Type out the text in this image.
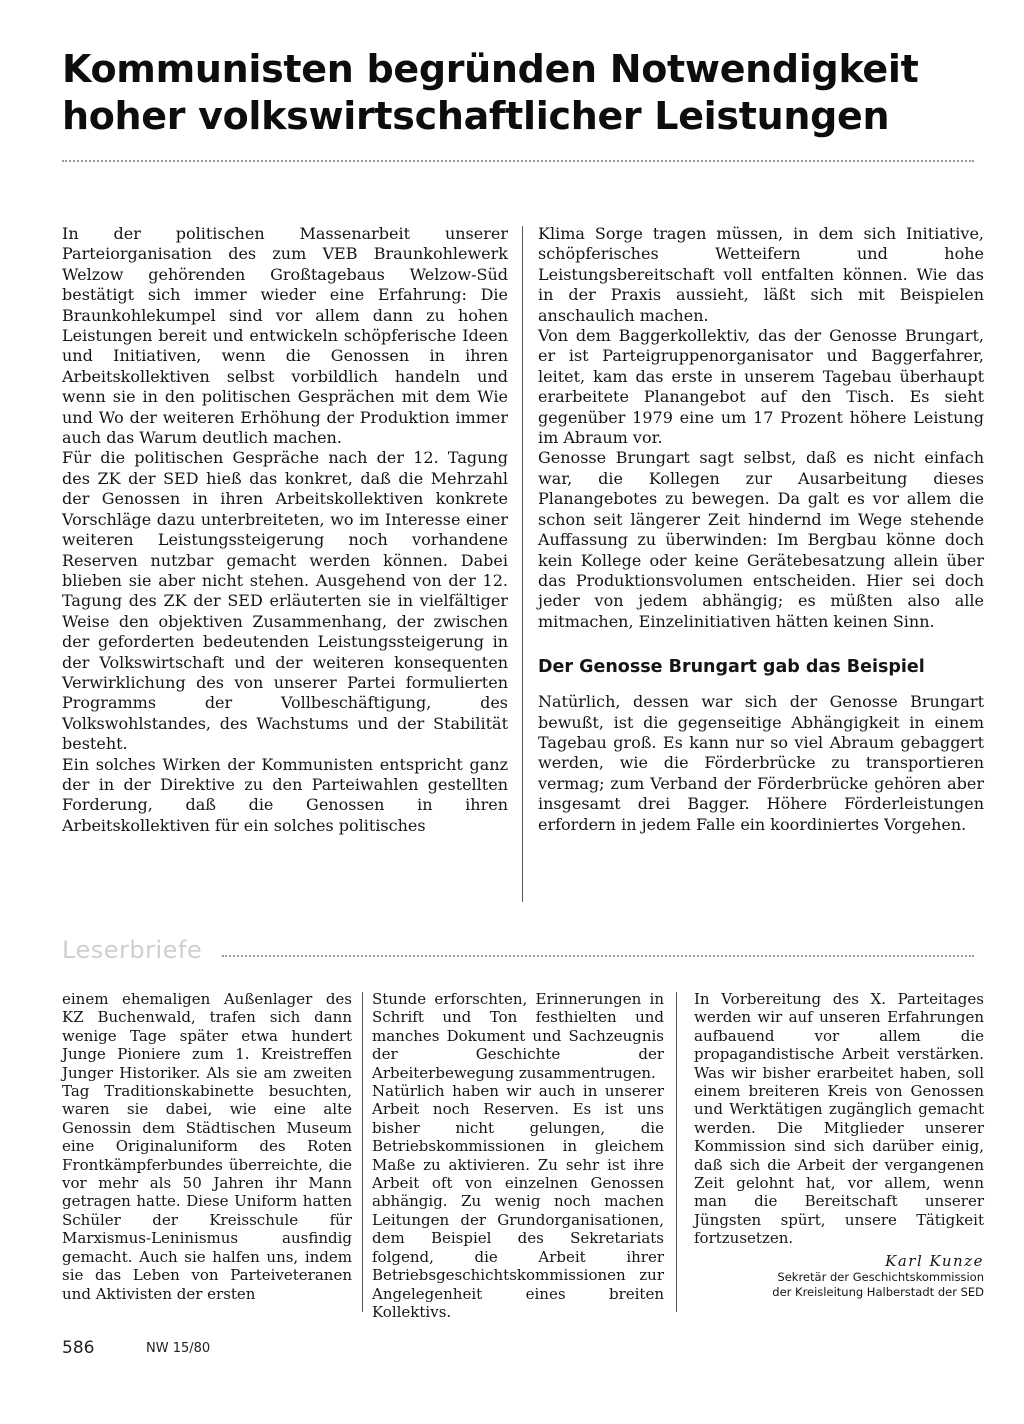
Kommunisten begründen Notwendigkeit
hoher volkswirtschaftlicher Leistungen

In der politischen Massenarbeit unserer Parteiorganisation des zum VEB Braunkohlewerk Welzow gehörenden Großtagebaus Welzow-Süd bestätigt sich immer wieder eine Erfahrung: Die Braunkohlekumpel sind vor allem dann zu hohen Leistungen bereit und entwickeln schöpferische Ideen und Initiativen, wenn die Genossen in ihren Arbeitskollektiven selbst vorbildlich handeln und wenn sie in den politischen Gesprächen mit dem Wie und Wo der weiteren Erhöhung der Produktion immer auch das Warum deutlich machen.

Für die politischen Gespräche nach der 12. Tagung des ZK der SED hieß das konkret, daß die Mehrzahl der Genossen in ihren Arbeitskollektiven konkrete Vorschläge dazu unterbreiteten, wo im Interesse einer weiteren Leistungssteigerung noch vorhandene Reserven nutzbar gemacht werden können. Dabei blieben sie aber nicht stehen. Ausgehend von der 12. Tagung des ZK der SED erläuterten sie in vielfältiger Weise den objektiven Zusammenhang, der zwischen der geforderten bedeutenden Leistungssteigerung in der Volkswirtschaft und der weiteren konsequenten Verwirklichung des von unserer Partei formulierten Programms der Vollbeschäftigung, des Volkswohlstandes, des Wachstums und der Stabilität besteht.

Ein solches Wirken der Kommunisten entspricht ganz der in der Direktive zu den Parteiwahlen gestellten Forderung, daß die Genossen in ihren Arbeitskollektiven für ein solches politisches

Klima Sorge tragen müssen, in dem sich Initiative, schöpferisches Wetteifern und hohe Leistungsbereitschaft voll entfalten können. Wie das in der Praxis aussieht, läßt sich mit Beispielen anschaulich machen.

Von dem Baggerkollektiv, das der Genosse Brungart, er ist Parteigruppenorganisator und Baggerfahrer, leitet, kam das erste in unserem Tagebau überhaupt erarbeitete Planangebot auf den Tisch. Es sieht gegenüber 1979 eine um 17 Prozent höhere Leistung im Abraum vor.

Genosse Brungart sagt selbst, daß es nicht einfach war, die Kollegen zur Ausarbeitung dieses Planangebotes zu bewegen. Da galt es vor allem die schon seit längerer Zeit hindernd im Wege stehende Auffassung zu überwinden: Im Bergbau könne doch kein Kollege oder keine Gerätebesatzung allein über das Produktionsvolumen entscheiden. Hier sei doch jeder von jedem abhängig; es müßten also alle mitmachen, Einzelinitiativen hätten keinen Sinn.

Der Genosse Brungart gab das Beispiel

Natürlich, dessen war sich der Genosse Brungart bewußt, ist die gegenseitige Abhängigkeit in einem Tagebau groß. Es kann nur so viel Abraum gebaggert werden, wie die Förderbrücke zu transportieren vermag; zum Verband der Förderbrücke gehören aber insgesamt drei Bagger. Höhere Förderleistungen erfordern in jedem Falle ein koordiniertes Vorgehen.

Leserbriefe

einem ehemaligen Außenlager des KZ Buchenwald, trafen sich dann wenige Tage später etwa hundert Junge Pioniere zum 1. Kreistreffen Junger Historiker. Als sie am zweiten Tag Traditionskabinette besuchten, waren sie dabei, wie eine alte Genossin dem Städtischen Museum eine Originaluniform des Roten Frontkämpferbundes überreichte, die vor mehr als 50 Jahren ihr Mann getragen hatte. Diese Uniform hatten Schüler der Kreisschule für Marxismus-Leninismus ausfindig gemacht. Auch sie halfen uns, indem sie das Leben von Parteiveteranen und Aktivisten der ersten

Stunde erforschten, Erinnerungen in Schrift und Ton festhielten und manches Dokument und Sachzeugnis der Geschichte der Arbeiterbewegung zusammentrugen.

Natürlich haben wir auch in unserer Arbeit noch Reserven. Es ist uns bisher nicht gelungen, die Betriebskommissionen in gleichem Maße zu aktivieren. Zu sehr ist ihre Arbeit oft von einzelnen Genossen abhängig. Zu wenig noch machen Leitungen der Grundorganisationen, dem Beispiel des Sekretariats folgend, die Arbeit ihrer Betriebsgeschichtskommissionen zur Angelegenheit eines breiten Kollektivs.

In Vorbereitung des X. Parteitages werden wir auf unseren Erfahrungen aufbauend vor allem die propagandistische Arbeit verstärken. Was wir bisher erarbeitet haben, soll einem breiteren Kreis von Genossen und Werktätigen zugänglich gemacht werden. Die Mitglieder unserer Kommission sind sich darüber einig, daß sich die Arbeit der vergangenen Zeit gelohnt hat, vor allem, wenn man die Bereitschaft unserer Jüngsten spürt, unsere Tätigkeit fortzusetzen.

Karl Kunze
Sekretär der Geschichtskommission
der Kreisleitung Halberstadt der SED
586	NW 15/80
